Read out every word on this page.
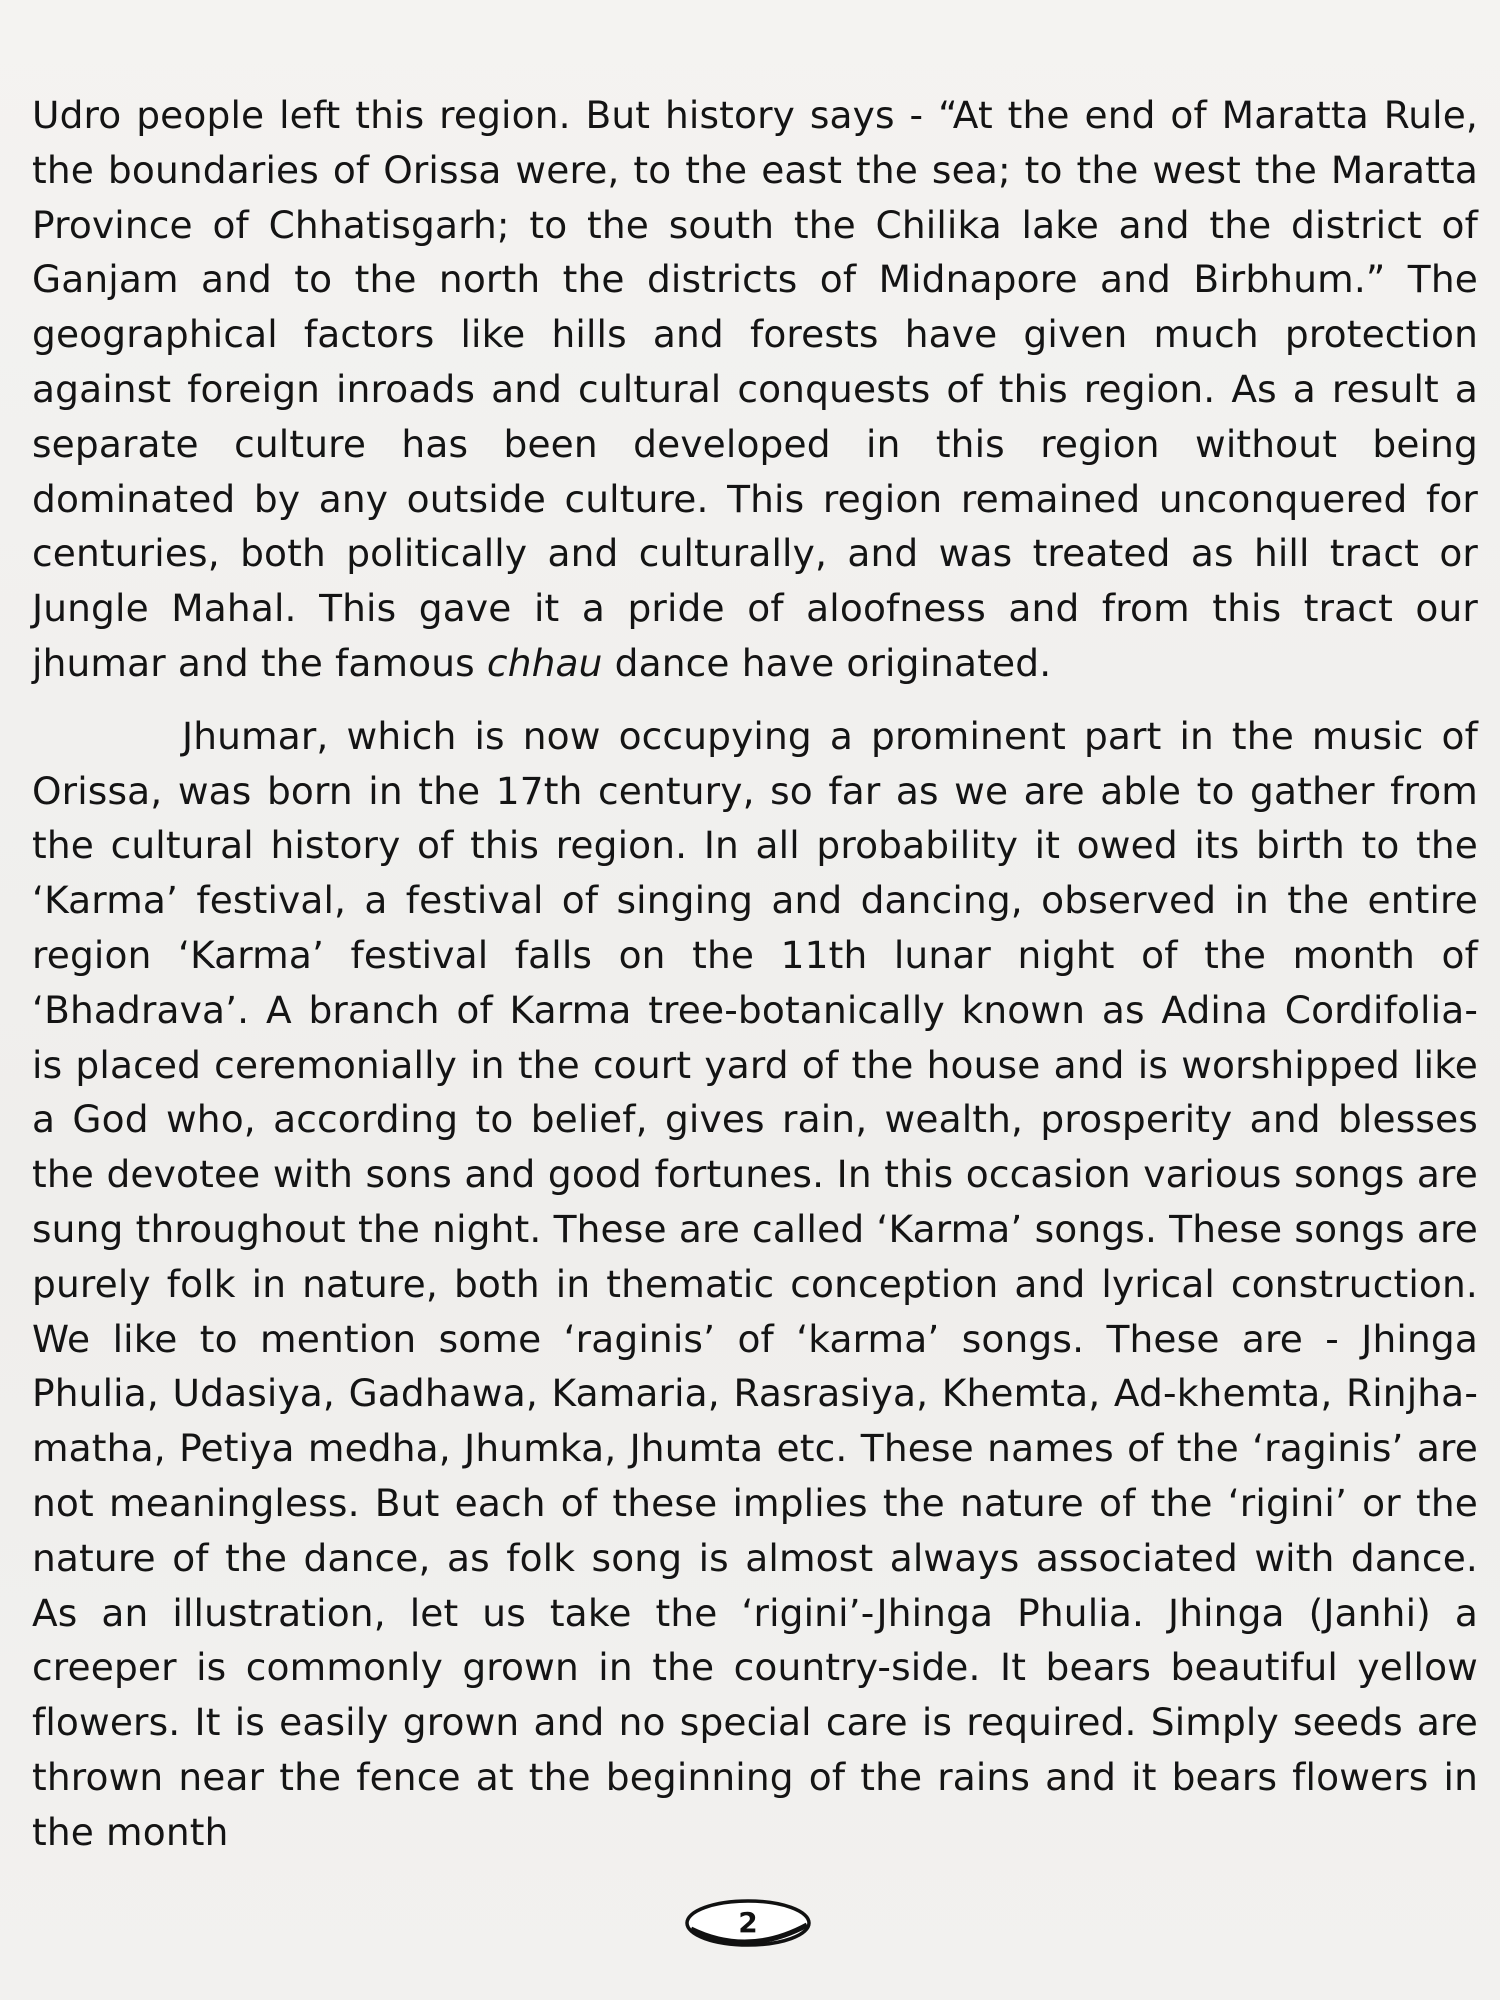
Udro people left this region. But history says - “At the end of Maratta Rule, the boundaries of Orissa were, to the east the sea; to the west the Maratta Province of Chhatisgarh; to the south the Chilika lake and the district of Ganjam and to the north the districts of Midnapore and Birbhum.” The geographical factors like hills and forests have given much protection against foreign inroads and cultural conquests of this region. As a result a separate culture has been developed in this region without being dominated by any outside culture. This region remained unconquered for centuries, both politically and culturally, and was treated as hill tract or Jungle Mahal. This gave it a pride of aloofness and from this tract our jhumar and the famous chhau dance have originated.

Jhumar, which is now occupying a prominent part in the music of Orissa, was born in the 17th century, so far as we are able to gather from the cultural history of this region. In all probability it owed its birth to the ‘Karma’ festival, a festival of singing and dancing, observed in the entire region ‘Karma’ festival falls on the 11th lunar night of the month of ‘Bhadrava’. A branch of Karma tree-botanically known as Adina Cordifolia- is placed ceremonially in the court yard of the house and is worshipped like a God who, according to belief, gives rain, wealth, prosperity and blesses the devotee with sons and good fortunes. In this occasion various songs are sung throughout the night. These are called ‘Karma’ songs. These songs are purely folk in nature, both in thematic conception and lyrical construction. We like to mention some ‘raginis’ of ‘karma’ songs. These are - Jhinga Phulia, Udasiya, Gadhawa, Kamaria, Rasrasiya, Khemta, Ad-khemta, Rinjha-matha, Petiya medha, Jhumka, Jhumta etc. These names of the ‘raginis’ are not meaningless. But each of these implies the nature of the ‘rigini’ or the nature of the dance, as folk song is almost always associated with dance. As an illustration, let us take the ‘rigini’-Jhinga Phulia. Jhinga (Janhi) a creeper is commonly grown in the country-side. It bears beautiful yellow flowers. It is easily grown and no special care is required. Simply seeds are thrown near the fence at the beginning of the rains and it bears flowers in the month

2
